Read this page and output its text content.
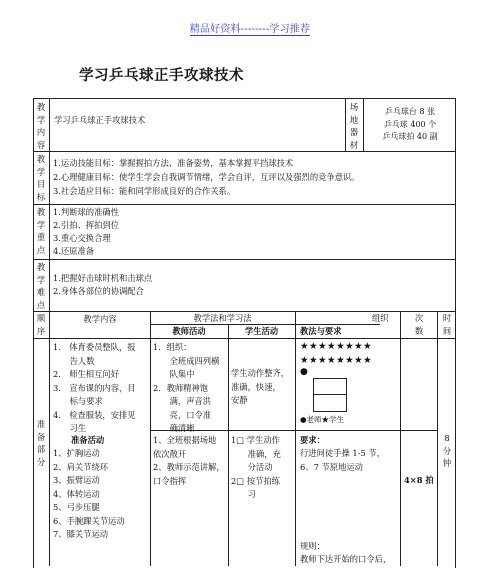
精品好资料--------学习推荐
学习乒乓球正手攻球技术
教
学
内
容
学习乒乓球正手攻球技术
场
地
器
材
乒乓球台 8 张
乒乓球 400 个
乒乓球拍 40 副
教
学
目
标
1.运动技能目标：掌握握拍方法、准备姿势，基本掌握平挡球技术
2.心理健康目标：使学生学会自我调节情绪，学会自评，互评以及强烈的竞争意识。
3.社会适应目标：能和同学形成良好的合作关系。
教
学
重
点
1.判断球的准确性
2.引拍、挥拍到位
3.重心交换合理
4.还原准备
教
学
难
点
1.把握好击球时机和击球点
2.身体各部位的协调配合
顺
序
教学内容	教学法和学习法
教师活动	学生活动
组织
教法与要求
次
数
时
间
准
备
部
分
1.　体育委员整队，报
　　告人数
2.　师生相互问好
3.　宣布课的内容，目
　　标与要求
4.　检查服装，安排见
　　习生
1．组织：
　　全班成四列横
　　队集中
2．教师精神饱
　　满，声音洪
　　亮，口令准
　　确清晰
学生动作整齐，
准确，快速，
安静
★★★★★★★★
★★★★★★★★
●
●老师★学生
准备活动
1、扩胸运动
2、肩关节绕环
3、振臂运动
4、体转运动
5、弓步压腿
6、手腕踝关节运动
7、膝关节运动
1、全班根据场地
依次散开
2、教师示范讲解，
口令指挥
1□ 学生动作
　　准确，充
　　分活动
2□ 按节拍练
　　习
要求：
行进间徒手操 1-5 节，
6、7 节原地运动
规则：
教师下达开始的口令后，
4×8 拍
8
分
钟
